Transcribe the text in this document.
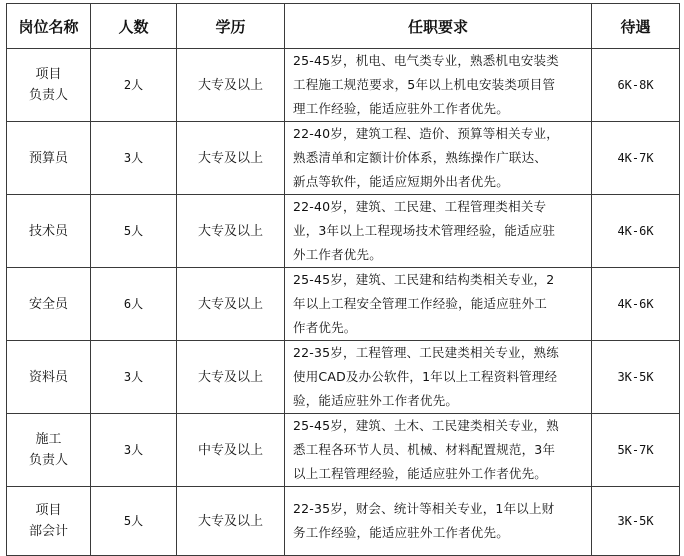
岗位名称	人数	学历	任职要求	待遇

项目
负责人	2人	大专及以上	25-45岁，机电、电气类专业，熟悉机电安装类
工程施工规范要求，5年以上机电安装类项目管
理工作经验，能适应驻外工作者优先。	6K-8K

预算员	3人	大专及以上	22-40岁，建筑工程、造价、预算等相关专业，
熟悉清单和定额计价体系，熟练操作广联达、
新点等软件，能适应短期外出者优先。	4K-7K

技术员	5人	大专及以上	22-40岁，建筑、工民建、工程管理类相关专
业，3年以上工程现场技术管理经验，能适应驻
外工作者优先。	4K-6K

安全员	6人	大专及以上	25-45岁，建筑、工民建和结构类相关专业，2
年以上工程安全管理工作经验，能适应驻外工
作者优先。	4K-6K

资料员	3人	大专及以上	22-35岁，工程管理、工民建类相关专业，熟练
使用CAD及办公软件，1年以上工程资料管理经
验，能适应驻外工作者优先。	3K-5K

施工
负责人	3人	中专及以上	25-45岁，建筑、土木、工民建类相关专业，熟
悉工程各环节人员、机械、材料配置规范，3年
以上工程管理经验，能适应驻外工作者优先。	5K-7K

项目
部会计	5人	大专及以上	22-35岁，财会、统计等相关专业，1年以上财
务工作经验，能适应驻外工作者优先。	3K-5K
